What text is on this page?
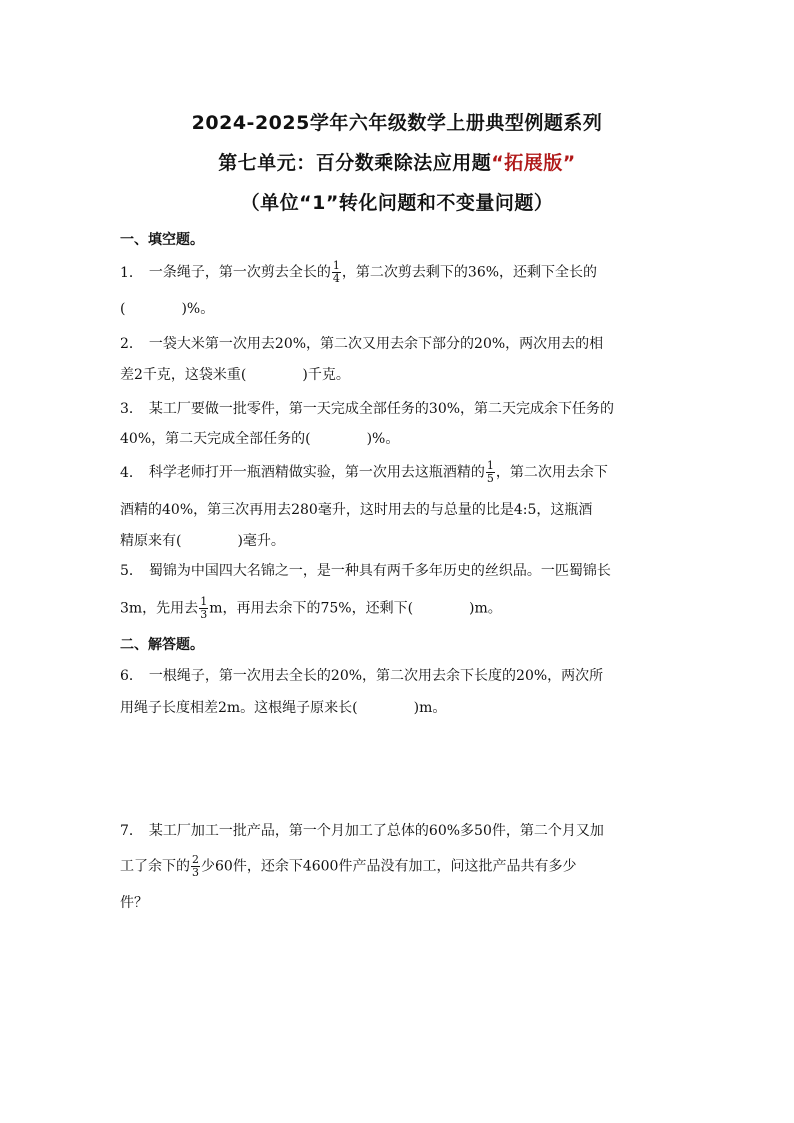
2024-2025学年六年级数学上册典型例题系列
第七单元：百分数乘除法应用题“拓展版”
（单位“1”转化问题和不变量问题）
一、填空题。
1． 一条绳子，第一次剪去全长的 $\frac{1}{4}$ ，第二次剪去剩下的36%，还剩下全长的
(	)%。
2． 一袋大米第一次用去20%，第二次又用去余下部分的20%，两次用去的相
差2千克，这袋米重(	)千克。
3． 某工厂要做一批零件，第一天完成全部任务的30%，第二天完成余下任务的
40%，第二天完成全部任务的(	)%。
4． 科学老师打开一瓶酒精做实验，第一次用去这瓶酒精的 $\frac{1}{5}$ ，第二次用去余下
酒精的40%，第三次再用去280毫升，这时用去的与总量的比是4:5，这瓶酒
精原来有(	)毫升。
5． 蜀锦为中国四大名锦之一，是一种具有两千多年历史的丝织品。一匹蜀锦长
3m，先用去 $\frac{1}{3}$ m，再用去余下的75%，还剩下(	)m。
二、解答题。
6． 一根绳子，第一次用去全长的20%，第二次用去余下长度的20%，两次所
用绳子长度相差2m。这根绳子原来长(	)m。
7． 某工厂加工一批产品，第一个月加工了总体的60%多50件，第二个月又加
工了余下的 $\frac{2}{3}$ 少60件，还余下4600件产品没有加工，问这批产品共有多少
件？
